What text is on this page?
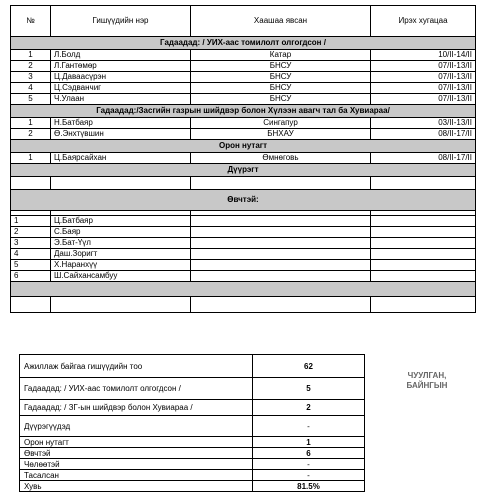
№	Гишүүдийн нэр	Хаашаа явсан	Ирэх хугацаа
Гадаадад: / УИХ-аас томилолт олгогдсон /			
1	Л.Болд	Катар	10/II-14/II
2	Л.Гантөмөр	БНСУ	07/II-13/II
3	Ц.Даваасүрэн	БНСУ	07/II-13/II
4	Ц.Сэдванчиг	БНСУ	07/II-13/II
5	Ч.Улаан	БНСУ	07/II-13/II
Гадаадад:/Засгийн газрын шийдвэр болон Хүлээн авагч тал ба Хувиараа/			
1	Н.Батбаяр	Сингапур	03/II-13/II
2	Ө.Энхтүвшин	БНХАУ	08/II-17/II
Орон нутагт			
1	Ц.Баярсайхан	Өмнөговь	08/II-17/II
Дүүрэгт			

Өвчтэй:			

1	Ц.Батбаяр		
2	С.Баяр		
3	Э.Бат-Үүл		
4	Даш.Зоригт		
5	Х.Наранхүү		
6	Ш.Сайханcамбуу		

Ажиллаж байгаа гишүүдийн тоо	62
Гадаадад: / УИХ-аас томилолт олгогдсон /	5
Гадаадад: / ЗГ-ын шийдвэр болон Хувиараа /	2
Дүүрэгүүдэд	-
Орон нутагт	1
Өвчтэй	6
Чөлөөтэй	-
Тасалсан	-
Хувь	81.5%
ЧУУЛГАН,
БАЙНГЫН
